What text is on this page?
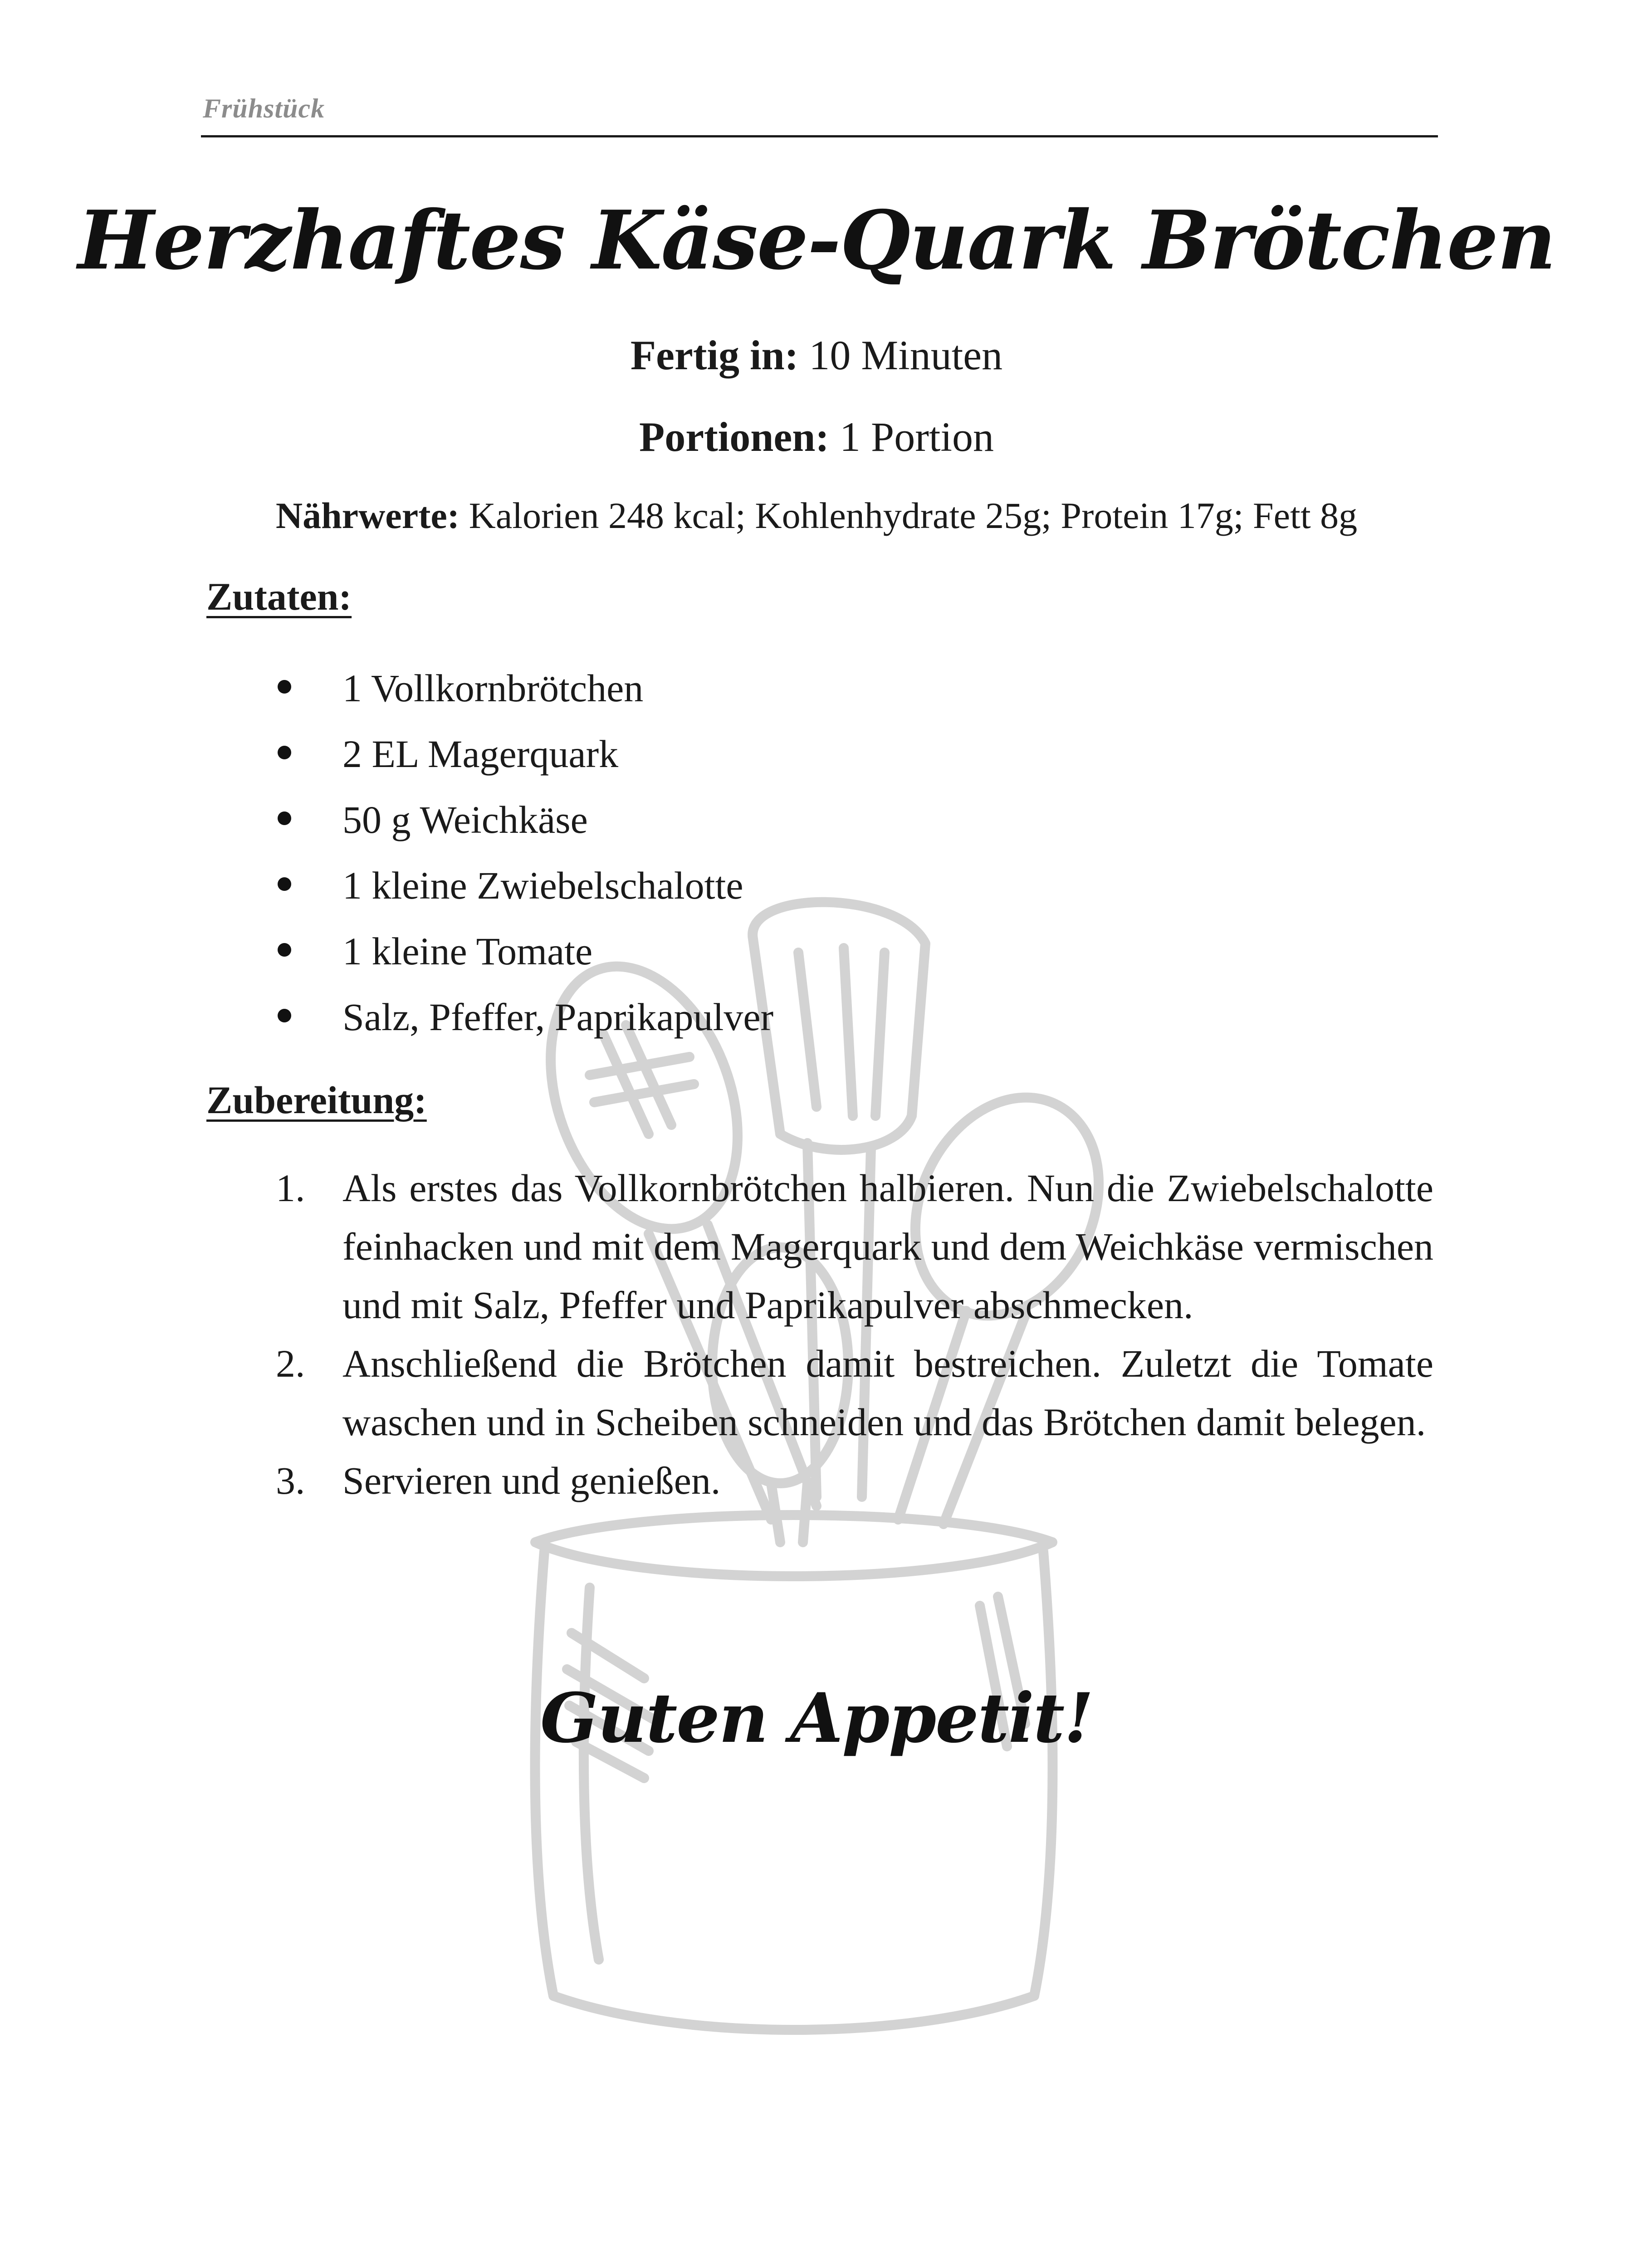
Frühstück
Herzhaftes Käse-Quark Brötchen
Fertig in: 10 Minuten
Portionen: 1 Portion
Nährwerte: Kalorien 248 kcal; Kohlenhydrate 25g; Protein 17g; Fett 8g
Zutaten:
1 Vollkornbrötchen
2 EL Magerquark
50 g Weichkäse
1 kleine Zwiebelschalotte
1 kleine Tomate
Salz, Pfeffer, Paprikapulver
Zubereitung:
1. Als erstes das Vollkornbrötchen halbieren. Nun die Zwiebelschalotte feinhacken und mit dem Magerquark und dem Weichkäse vermischen und mit Salz, Pfeffer und Paprikapulver abschmecken.
2. Anschließend die Brötchen damit bestreichen. Zuletzt die Tomate waschen und in Scheiben schneiden und das Brötchen damit belegen.
3. Servieren und genießen.
Guten Appetit!
